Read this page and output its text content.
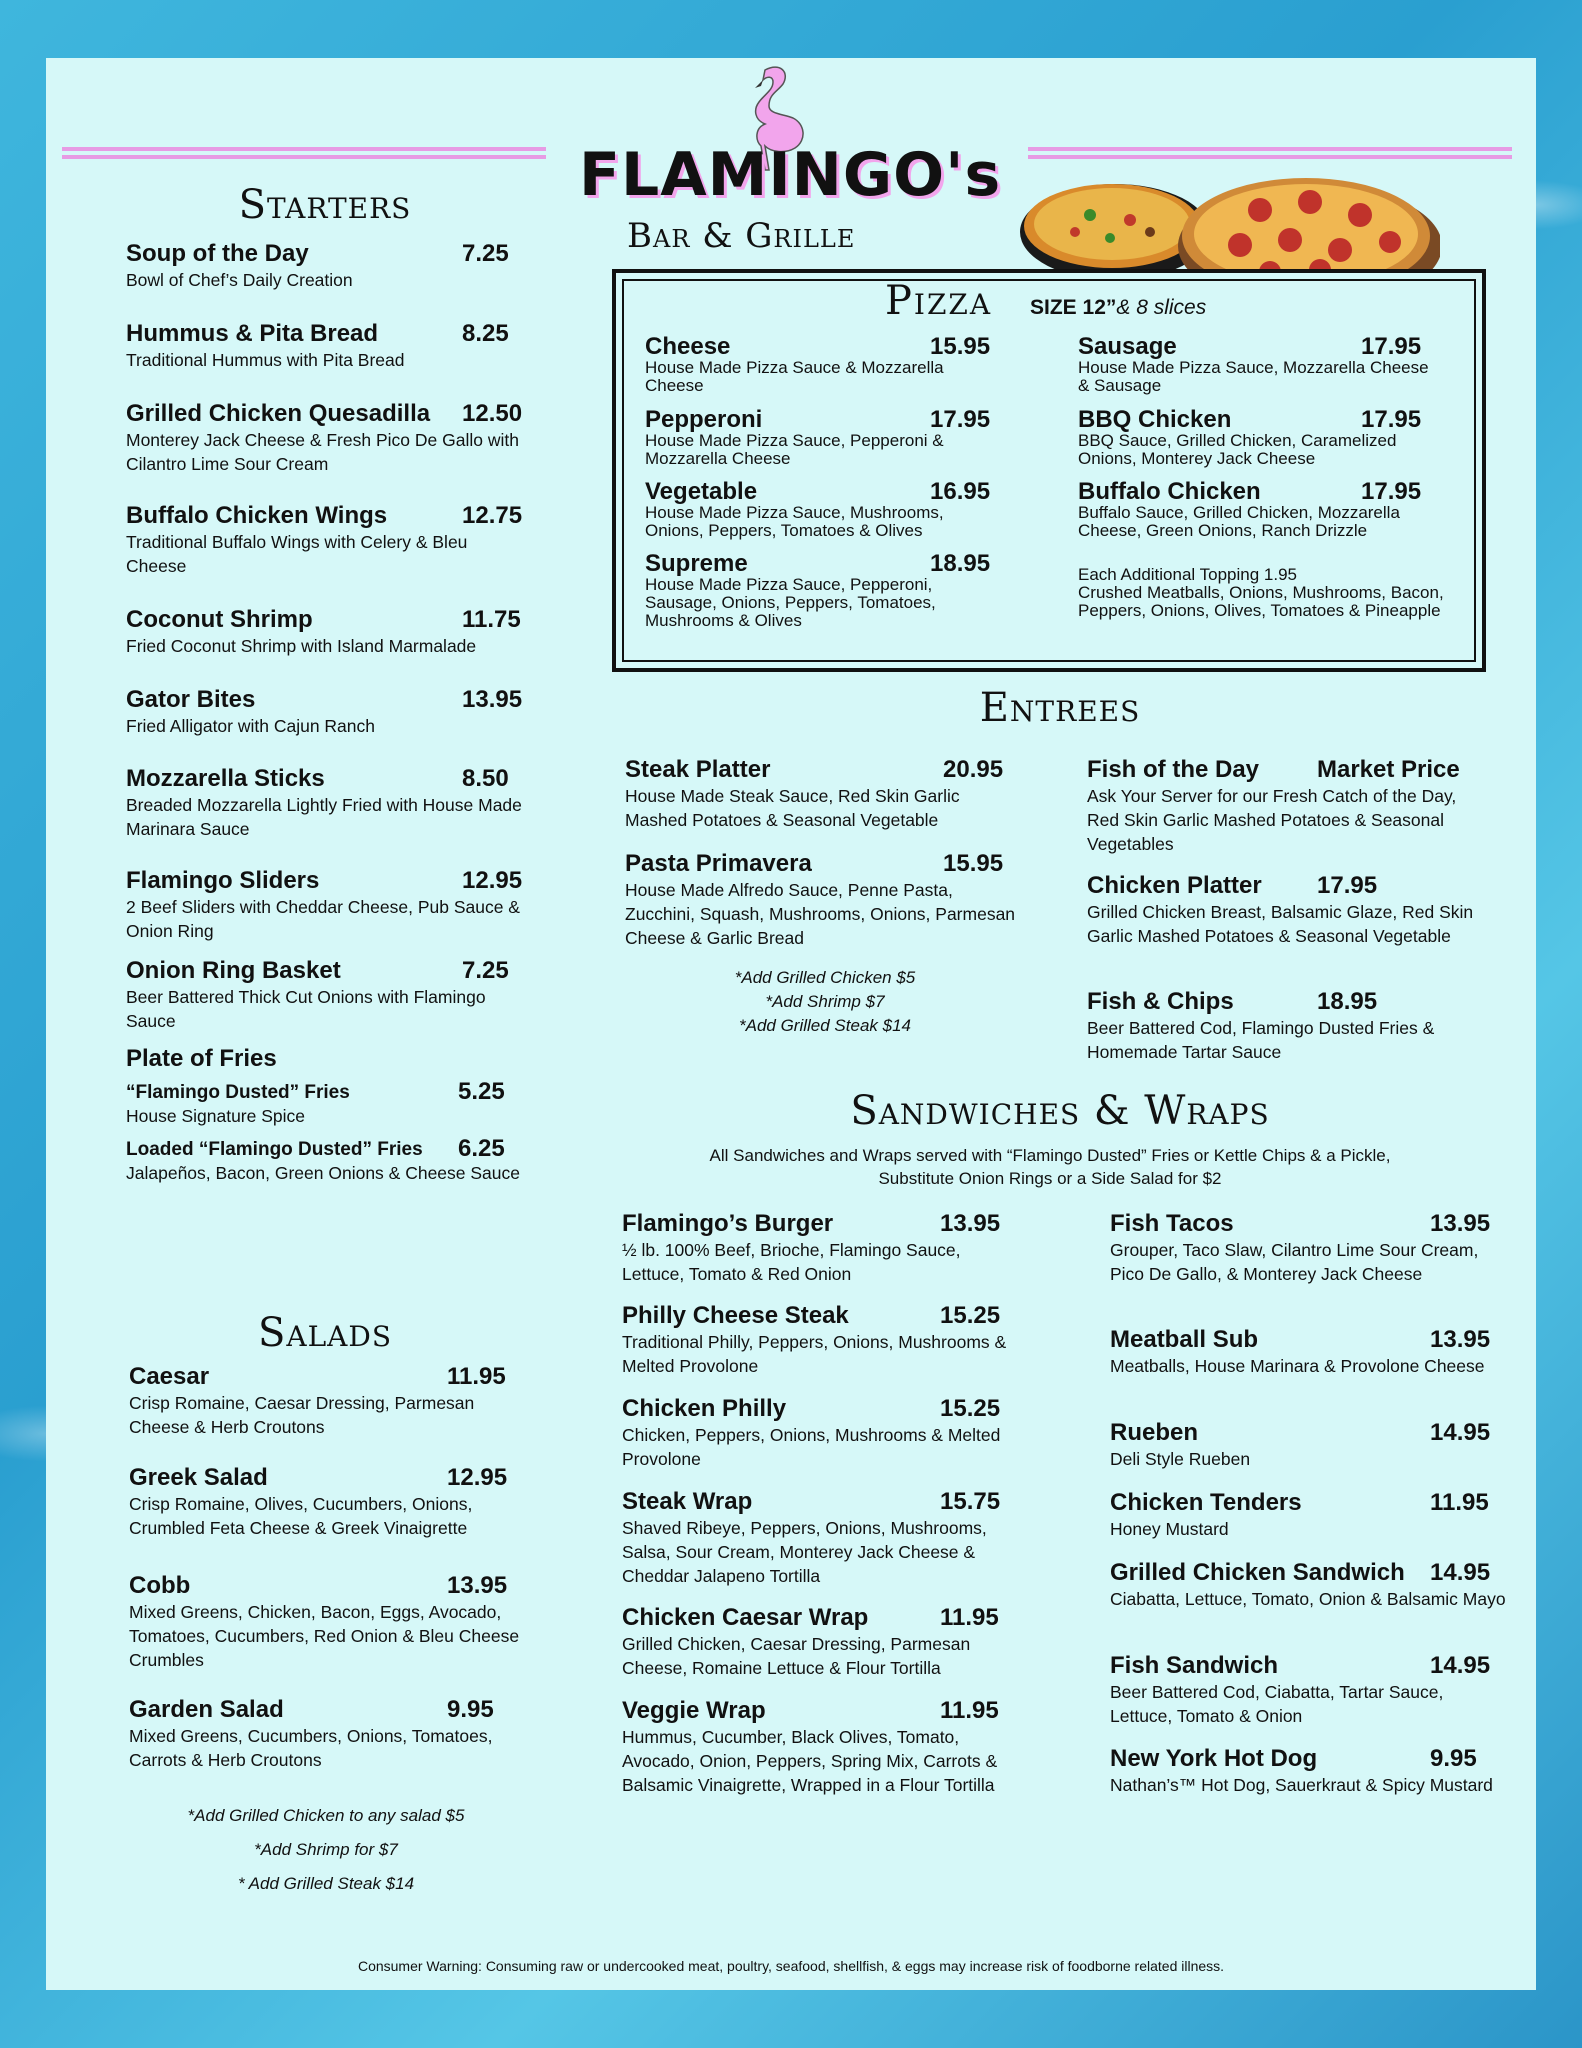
FLAMINGO's
Bar & Grille
Starters
Soup of the Day	7.25
Bowl of Chef’s Daily Creation
Hummus & Pita Bread	8.25
Traditional Hummus with Pita Bread
Grilled Chicken Quesadilla	12.50
Monterey Jack Cheese & Fresh Pico De Gallo with Cilantro Lime Sour Cream
Buffalo Chicken Wings	12.75
Traditional Buffalo Wings with Celery & Bleu Cheese
Coconut Shrimp	11.75
Fried Coconut Shrimp with Island Marmalade
Gator Bites	13.95
Fried Alligator with Cajun Ranch
Mozzarella Sticks	8.50
Breaded Mozzarella Lightly Fried with House Made Marinara Sauce
Flamingo Sliders	12.95
2 Beef Sliders with Cheddar Cheese, Pub Sauce & Onion Ring
Onion Ring Basket	7.25
Beer Battered Thick Cut Onions with Flamingo Sauce
Plate of Fries
“Flamingo Dusted” Fries	5.25
House Signature Spice
Loaded “Flamingo Dusted” Fries	6.25
Jalapeños, Bacon, Green Onions & Cheese Sauce
Salads
Caesar	11.95
Crisp Romaine, Caesar Dressing, Parmesan Cheese & Herb Croutons
Greek Salad	12.95
Crisp Romaine, Olives, Cucumbers, Onions, Crumbled Feta Cheese & Greek Vinaigrette
Cobb	13.95
Mixed Greens, Chicken, Bacon, Eggs, Avocado, Tomatoes, Cucumbers, Red Onion & Bleu Cheese Crumbles
Garden Salad	9.95
Mixed Greens, Cucumbers, Onions, Tomatoes, Carrots & Herb Croutons
*Add Grilled Chicken to any salad $5
*Add Shrimp for $7
* Add Grilled Steak $14
Pizza SIZE 12”& 8 slices
Cheese	15.95
House Made Pizza Sauce & Mozzarella Cheese
Pepperoni	17.95
House Made Pizza Sauce, Pepperoni & Mozzarella Cheese
Vegetable	16.95
House Made Pizza Sauce, Mushrooms, Onions, Peppers, Tomatoes & Olives
Supreme	18.95
House Made Pizza Sauce, Pepperoni, Sausage, Onions, Peppers, Tomatoes, Mushrooms & Olives
Sausage	17.95
House Made Pizza Sauce, Mozzarella Cheese & Sausage
BBQ Chicken	17.95
BBQ Sauce, Grilled Chicken, Caramelized Onions, Monterey Jack Cheese
Buffalo Chicken	17.95
Buffalo Sauce, Grilled Chicken, Mozzarella Cheese, Green Onions, Ranch Drizzle
Each Additional Topping 1.95
Crushed Meatballs, Onions, Mushrooms, Bacon, Peppers, Onions, Olives, Tomatoes & Pineapple
Entrees
Steak Platter	20.95
House Made Steak Sauce, Red Skin Garlic Mashed Potatoes & Seasonal Vegetable
Pasta Primavera	15.95
House Made Alfredo Sauce, Penne Pasta, Zucchini, Squash, Mushrooms, Onions, Parmesan Cheese & Garlic Bread
Fish of the Day	Market Price
Ask Your Server for our Fresh Catch of the Day, Red Skin Garlic Mashed Potatoes & Seasonal Vegetables
Chicken Platter	17.95
Grilled Chicken Breast, Balsamic Glaze, Red Skin Garlic Mashed Potatoes & Seasonal Vegetable
Fish & Chips	18.95
Beer Battered Cod, Flamingo Dusted Fries & Homemade Tartar Sauce
*Add Grilled Chicken $5
*Add Shrimp $7
*Add Grilled Steak $14
Sandwiches & Wraps
All Sandwiches and Wraps served with “Flamingo Dusted” Fries or Kettle Chips & a Pickle,
Substitute Onion Rings or a Side Salad for $2
Flamingo’s Burger	13.95
½ lb. 100% Beef, Brioche, Flamingo Sauce, Lettuce, Tomato & Red Onion
Philly Cheese Steak	15.25
Traditional Philly, Peppers, Onions, Mushrooms & Melted Provolone
Chicken Philly	15.25
Chicken, Peppers, Onions, Mushrooms & Melted Provolone
Steak Wrap	15.75
Shaved Ribeye, Peppers, Onions, Mushrooms, Salsa, Sour Cream, Monterey Jack Cheese & Cheddar Jalapeno Tortilla
Chicken Caesar Wrap	11.95
Grilled Chicken, Caesar Dressing, Parmesan Cheese, Romaine Lettuce & Flour Tortilla
Veggie Wrap	11.95
Hummus, Cucumber, Black Olives, Tomato, Avocado, Onion, Peppers, Spring Mix, Carrots & Balsamic Vinaigrette, Wrapped in a Flour Tortilla
Fish Tacos	13.95
Grouper, Taco Slaw, Cilantro Lime Sour Cream, Pico De Gallo, & Monterey Jack Cheese
Meatball Sub	13.95
Meatballs, House Marinara & Provolone Cheese
Rueben	14.95
Deli Style Rueben
Chicken Tenders	11.95
Honey Mustard
Grilled Chicken Sandwich	14.95
Ciabatta, Lettuce, Tomato, Onion & Balsamic Mayo
Fish Sandwich	14.95
Beer Battered Cod, Ciabatta, Tartar Sauce, Lettuce, Tomato & Onion
New York Hot Dog	9.95
Nathan’s™ Hot Dog, Sauerkraut & Spicy Mustard
Consumer Warning: Consuming raw or undercooked meat, poultry, seafood, shellfish, & eggs may increase risk of foodborne related illness.
